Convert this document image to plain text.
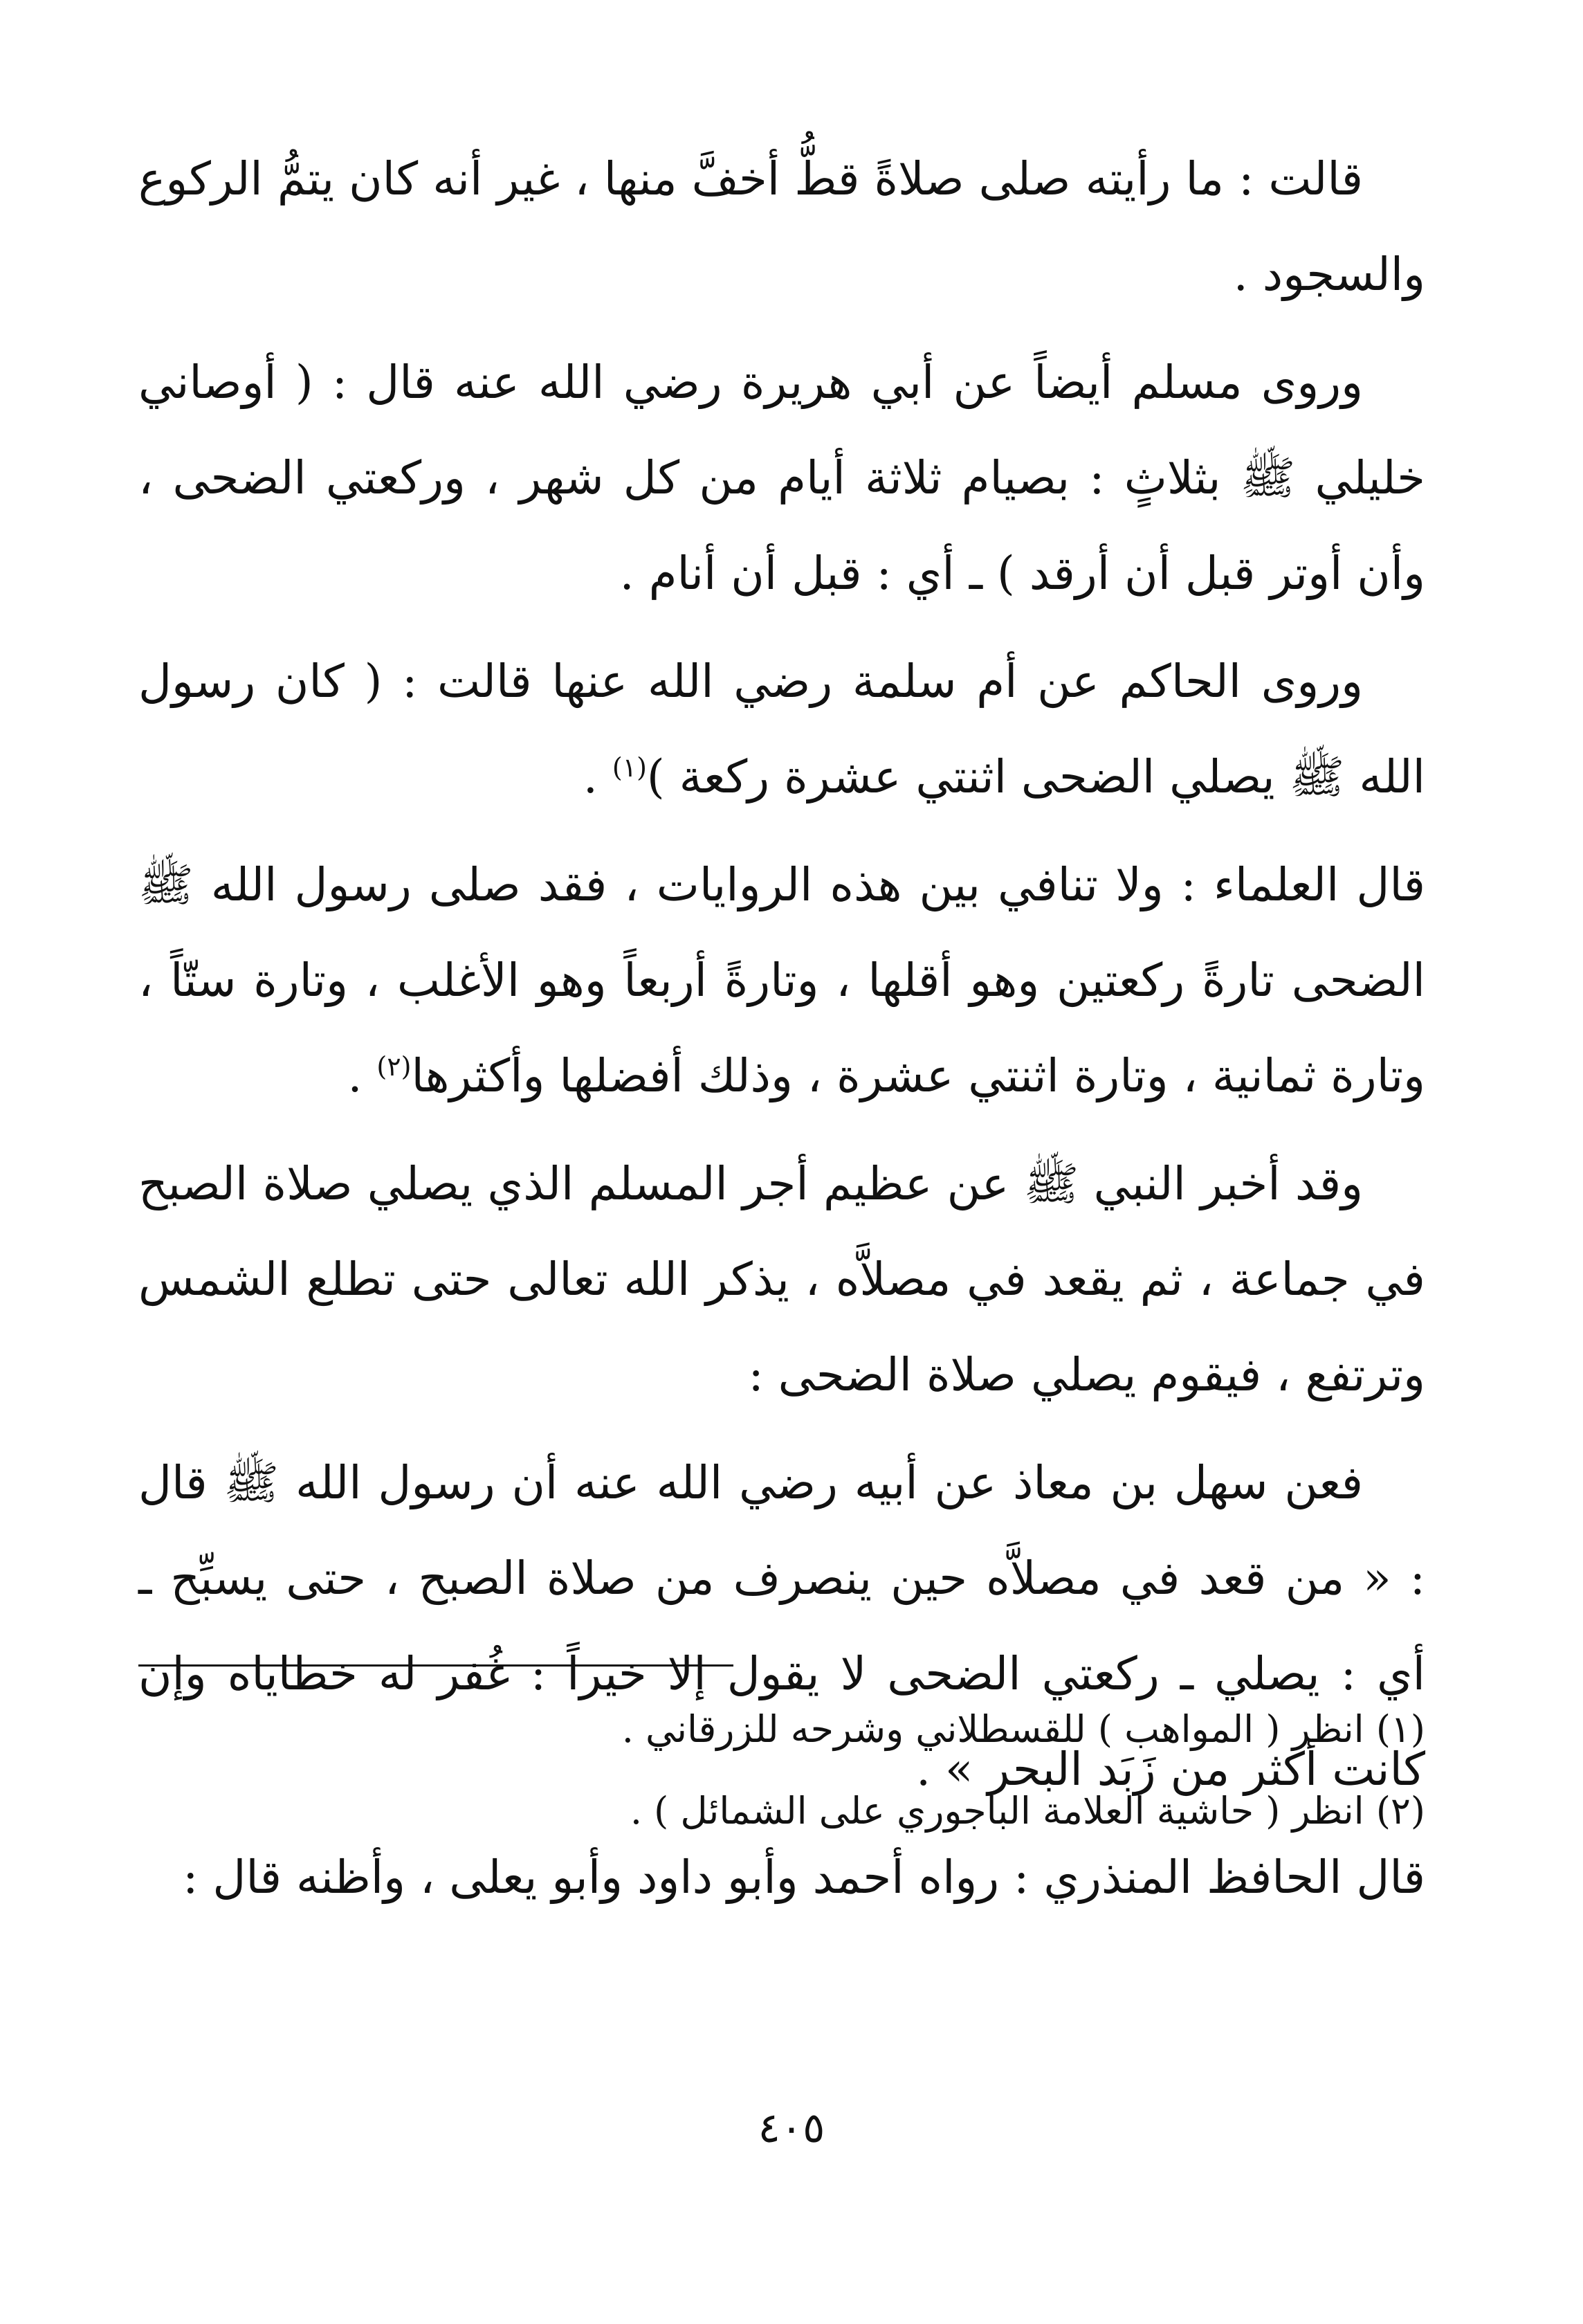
قالت : ما رأيته صلى صلاةً قطُّ أخفَّ منها ، غير أنه كان يتمُّ الركوع والسجود .

وروى مسلم أيضاً عن أبي هريرة رضي الله عنه قال : ( أوصاني خليلي ﷺ بثلاثٍ : بصيام ثلاثة أيام من كل شهر ، وركعتي الضحى ، وأن أوتر قبل أن أرقد ) ـ أي : قبل أن أنام .

وروى الحاكم عن أم سلمة رضي الله عنها قالت : ( كان رسول الله ﷺ يصلي الضحى اثنتي عشرة ركعة )$^{(١)}$ .

قال العلماء : ولا تنافي بين هذه الروايات ، فقد صلى رسول الله ﷺ الضحى تارةً ركعتين وهو أقلها ، وتارةً أربعاً وهو الأغلب ، وتارة ستّاً ، وتارة ثمانية ، وتارة اثنتي عشرة ، وذلك أفضلها وأكثرها$^{(٢)}$ .

وقد أخبر النبي ﷺ عن عظيم أجر المسلم الذي يصلي صلاة الصبح في جماعة ، ثم يقعد في مصلاَّه ، يذكر الله تعالى حتى تطلع الشمس وترتفع ، فيقوم يصلي صلاة الضحى :

فعن سهل بن معاذ عن أبيه رضي الله عنه أن رسول الله ﷺ قال : « من قعد في مصلاَّه حين ينصرف من صلاة الصبح ، حتى يسبِّح ـ أي : يصلي ـ ركعتي الضحى لا يقول إلا خيراً : غُفر له خطاياه وإن كانت أكثر من زَبَد البحر » .

قال الحافظ المنذري : رواه أحمد وأبو داود وأبو يعلى ، وأظنه قال :

(١) انظر ( المواهب ) للقسطلاني وشرحه للزرقاني .
(٢) انظر ( حاشية العلامة الباجوري على الشمائل ) .
٤٠٥
